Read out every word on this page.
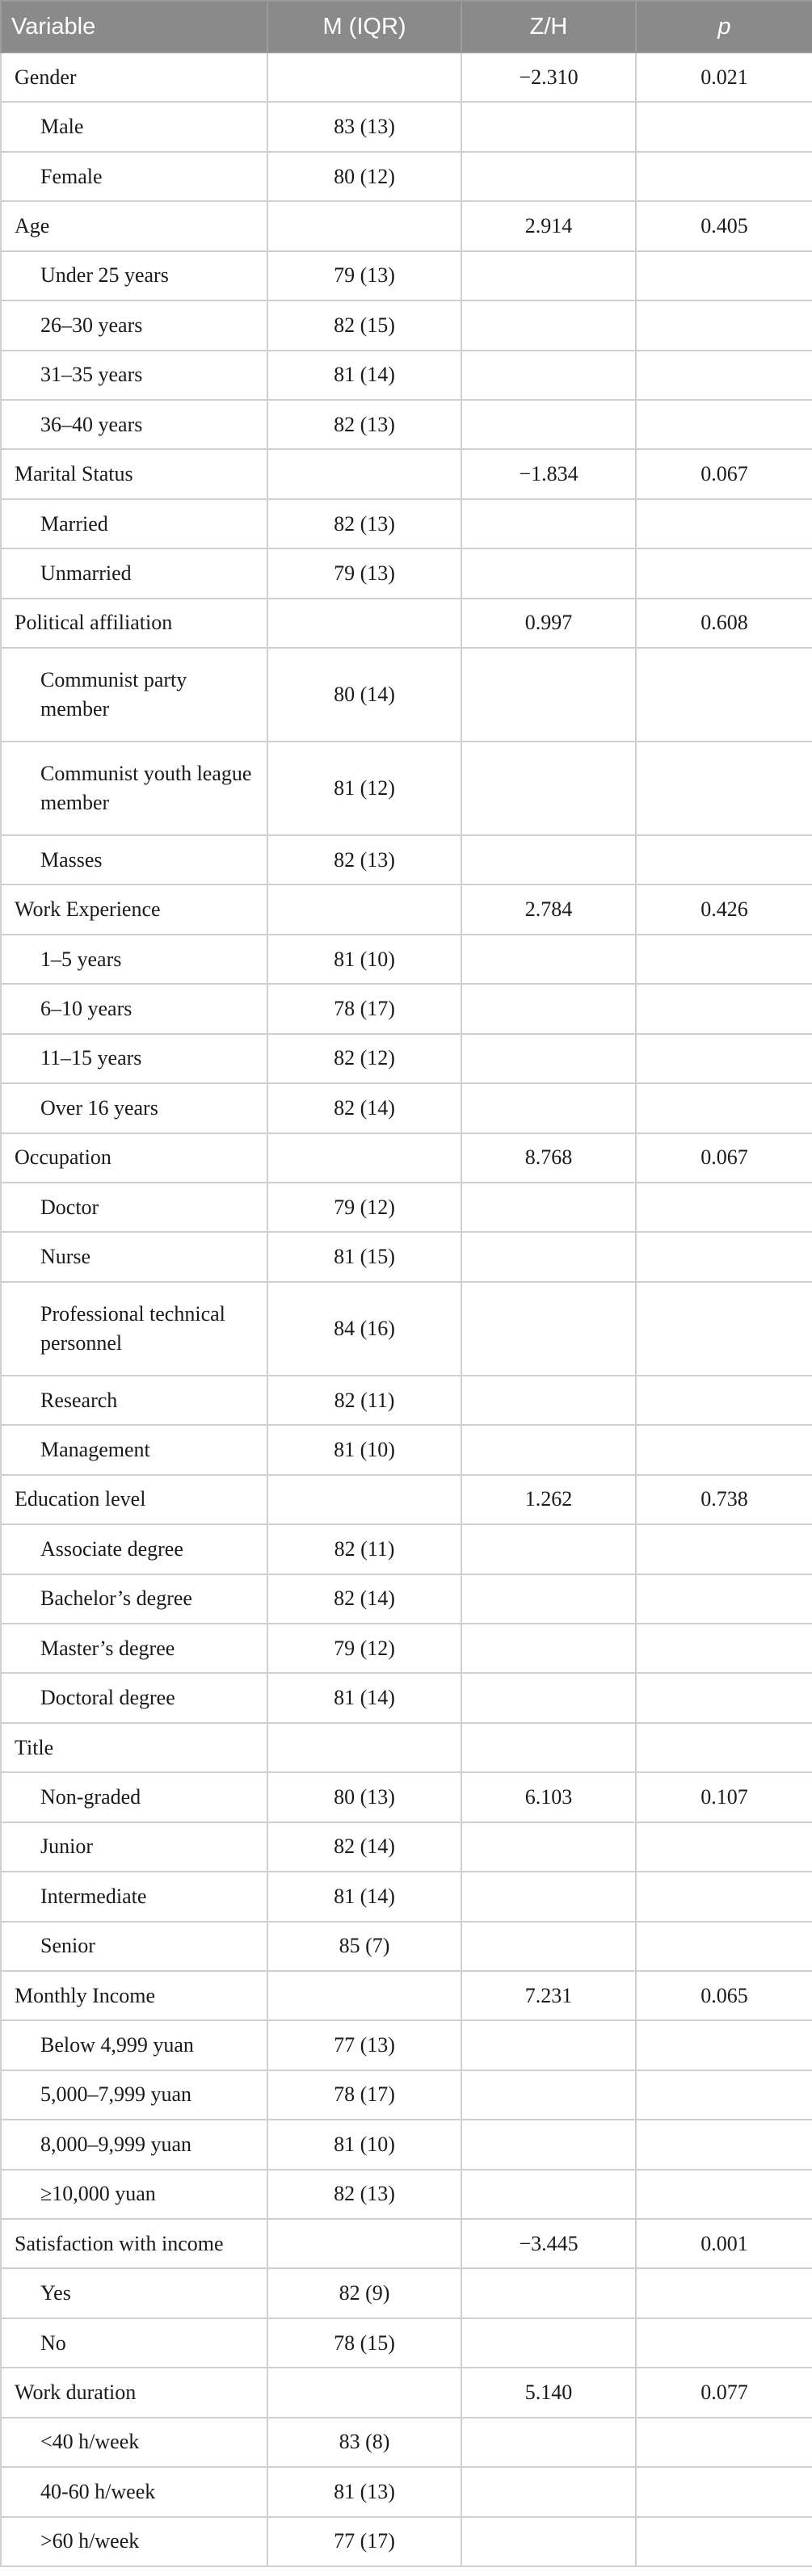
Variable	M (IQR)	Z/H	p
Gender		−2.310	0.021
Male	83 (13)		
Female	80 (12)		
Age		2.914	0.405
Under 25 years	79 (13)		
26–30 years	82 (15)		
31–35 years	81 (14)		
36–40 years	82 (13)		
Marital Status		−1.834	0.067
Married	82 (13)		
Unmarried	79 (13)		
Political affiliation		0.997	0.608
Communist party member	80 (14)		
Communist youth league member	81 (12)		
Masses	82 (13)		
Work Experience		2.784	0.426
1–5 years	81 (10)		
6–10 years	78 (17)		
11–15 years	82 (12)		
Over 16 years	82 (14)		
Occupation		8.768	0.067
Doctor	79 (12)		
Nurse	81 (15)		
Professional technical personnel	84 (16)		
Research	82 (11)		
Management	81 (10)		
Education level		1.262	0.738
Associate degree	82 (11)		
Bachelor’s degree	82 (14)		
Master’s degree	79 (12)		
Doctoral degree	81 (14)		
Title			
Non-graded	80 (13)	6.103	0.107
Junior	82 (14)		
Intermediate	81 (14)		
Senior	85 (7)		
Monthly Income		7.231	0.065
Below 4,999 yuan	77 (13)		
5,000–7,999 yuan	78 (17)		
8,000–9,999 yuan	81 (10)		
≥10,000 yuan	82 (13)		
Satisfaction with income		−3.445	0.001
Yes	82 (9)		
No	78 (15)		
Work duration		5.140	0.077
<40 h/week	83 (8)		
40-60 h/week	81 (13)		
>60 h/week	77 (17)		
